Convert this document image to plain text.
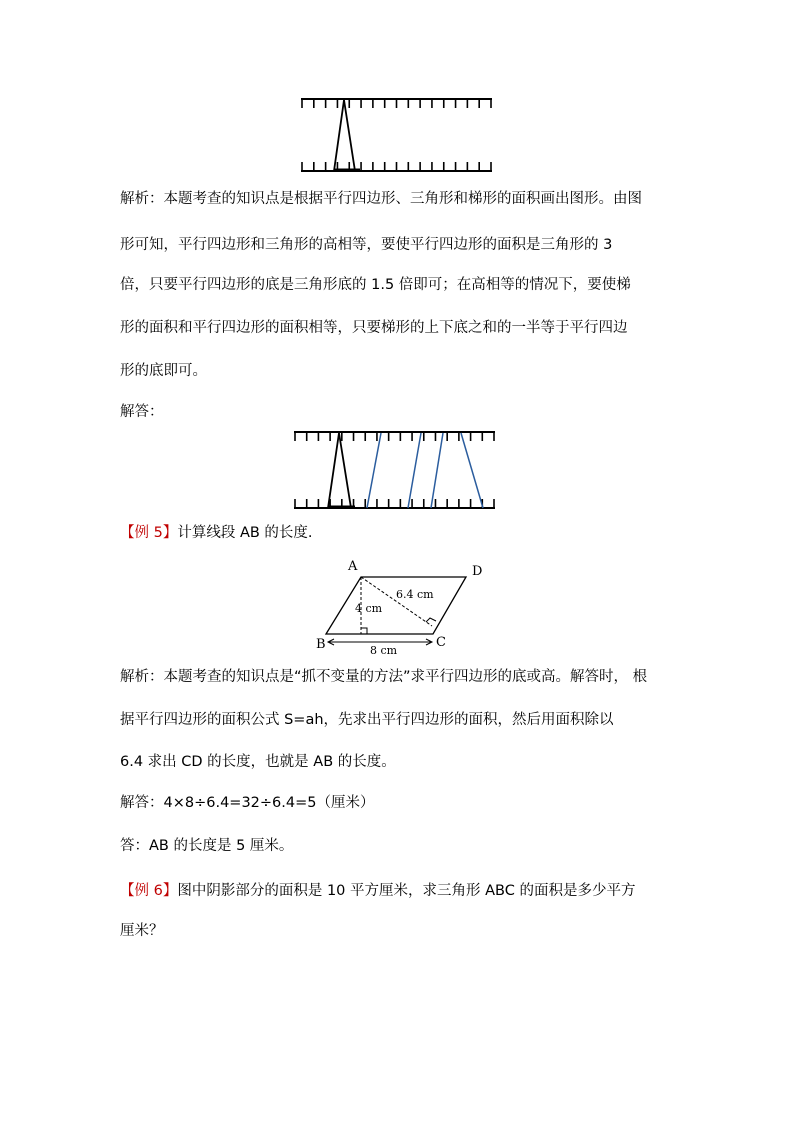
解析：本题考查的知识点是根据平行四边形、三角形和梯形的面积画出图形。由图
形可知，平行四边形和三角形的高相等，要使平行四边形的面积是三角形的 3
倍，只要平行四边形的底是三角形底的 1.5 倍即可；在高相等的情况下，要使梯
形的面积和平行四边形的面积相等，只要梯形的上下底之和的一半等于平行四边
形的底即可。
解答：
【例 5】计算线段 AB 的长度.
A	D
B	C
4 cm
6.4 cm
8 cm
解析：本题考查的知识点是“抓不变量的方法”求平行四边形的底或高。解答时， 根
据平行四边形的面积公式 S=ah，先求出平行四边形的面积，然后用面积除以
6.4 求出 CD 的长度，也就是 AB 的长度。
解答：4×8÷6.4=32÷6.4=5（厘米）
答：AB 的长度是 5 厘米。
【例 6】图中阴影部分的面积是 10 平方厘米，求三角形 ABC 的面积是多少平方
厘米？
